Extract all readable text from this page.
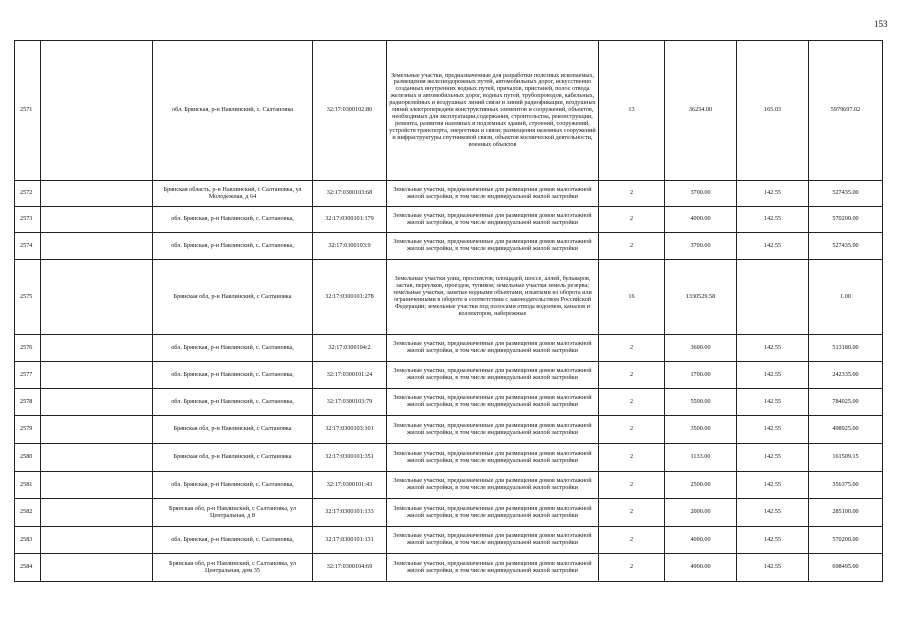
153
2571		обл. Брянская, р-н Навлинский, с. Салтановка	32:17:0300102:80	Земельные участки, предназначенные для разработки полезных ископаемых, размещения железнодорожных путей, автомобильных дорог, искусственно созданных внутренних водных путей, причалов, пристаней, полос отвода железных и автомобильных дорог, водных путей, трубопроводов, кабельных, радиорелейных и воздушных линий связи и линий радиофикации, воздушных линий электропередачи конструктивных элементов и сооружений, объектов, необходимых для эксплуатации,содержания, строительства, реконструкции, ремонта, развития наземных и подземных зданий, строений, сооружений, устройств транспорта, энергетики и связи; размещения наземных сооружений и инфраструктуры спутниковой связи, объектов космической деятельности, военных объектов	13	36234.00	165.03	5979697.02
2572		Брянская область, р-н Навлинский, с Салтановка, ул Молодежная, д 64	32:17:0300103:68	Земельные участки, предназначенные для размещения домов малоэтажной жилой застройки, в том числе индивидуальной жилой застройки	2	3700.00	142.55	527435.00
2573		обл. Брянская, р-н Навлинский, с. Салтановка,	32:17:0300101:179	Земельные участки, предназначенные для размещения домов малоэтажной жилой застройки, в том числе индивидуальной жилой застройки	2	4000.00	142.55	570200.00
2574		обл. Брянская, р-н Навлинский, с. Салтановка,	32:17:0300103:9	Земельные участки, предназначенные для размещения домов малоэтажной жилой застройки, в том числе индивидуальной жилой застройки	2	3700.00	142.55	527435.00
2575		Брянская обл, р-н Навлинский, с Салтановка	32:17:0300101:278	Земельные участки улиц, проспектов, площадей, шоссе, аллей, бульваров, застав, переулков, проездов, тупиков; земельные участки земель резерва; земельные участки, занятые водными объектами, изъятыми из оборота или ограниченными в обороте в соответствии с законодательством Российской Федерации; земельные участки под полосами отвода водоемов, каналов и коллекторов, набережные	16	1330529.58		1.00
2576		обл. Брянская, р-н Навлинский, с. Салтановка,	32:17:0300104:2	Земельные участки, предназначенные для размещения домов малоэтажной жилой застройки, в том числе индивидуальной жилой застройки	2	3600.00	142.55	513180.00
2577		обл. Брянская, р-н Навлинский, с. Салтановка,	32:17:0300101:24	Земельные участки, предназначенные для размещения домов малоэтажной жилой застройки, в том числе индивидуальной жилой застройки	2	1700.00	142.55	242335.00
2578		обл. Брянская, р-н Навлинский, с. Салтановка,	32:17:0300103:79	Земельные участки, предназначенные для размещения домов малоэтажной жилой застройки, в том числе индивидуальной жилой застройки	2	5500.00	142.55	784025.00
2579		Брянская обл, р-н Навлинский, с Салтановка	32:17:0300103:101	Земельные участки, предназначенные для размещения домов малоэтажной жилой застройки, в том числе индивидуальной жилой застройки	2	3500.00	142.55	498925.00
2580		Брянская обл, р-н Навлинский, с Салтановка	32:17:0300101:351	Земельные участки, предназначенные для размещения домов малоэтажной жилой застройки, в том числе индивидуальной жилой застройки	2	1133.00	142.55	161509.15
2581		обл. Брянская, р-н Навлинский, с. Салтановка,	32:17:0300101:43	Земельные участки, предназначенные для размещения домов малоэтажной жилой застройки, в том числе индивидуальной жилой застройки	2	2500.00	142.55	356375.00
2582		Брянская обл, р-н Навлинский, с Салтановка, ул Центральная, д 8	32:17:0300101:133	Земельные участки, предназначенные для размещения домов малоэтажной жилой застройки, в том числе индивидуальной жилой застройки	2	2000.00	142.55	285100.00
2583		обл. Брянская, р-н Навлинский, с. Салтановка,	32:17:0300101:131	Земельные участки, предназначенные для размещения домов малоэтажной жилой застройки, в том числе индивидуальной жилой застройки	2	4000.00	142.55	570200.00
2584		Брянская обл, р-н Навлинский, с Салтановка, ул Центральная, дом 35	32:17:0300104:69	Земельные участки, предназначенные для размещения домов малоэтажной жилой застройки, в том числе индивидуальной жилой застройки	2	4900.00	142.55	698495.00
